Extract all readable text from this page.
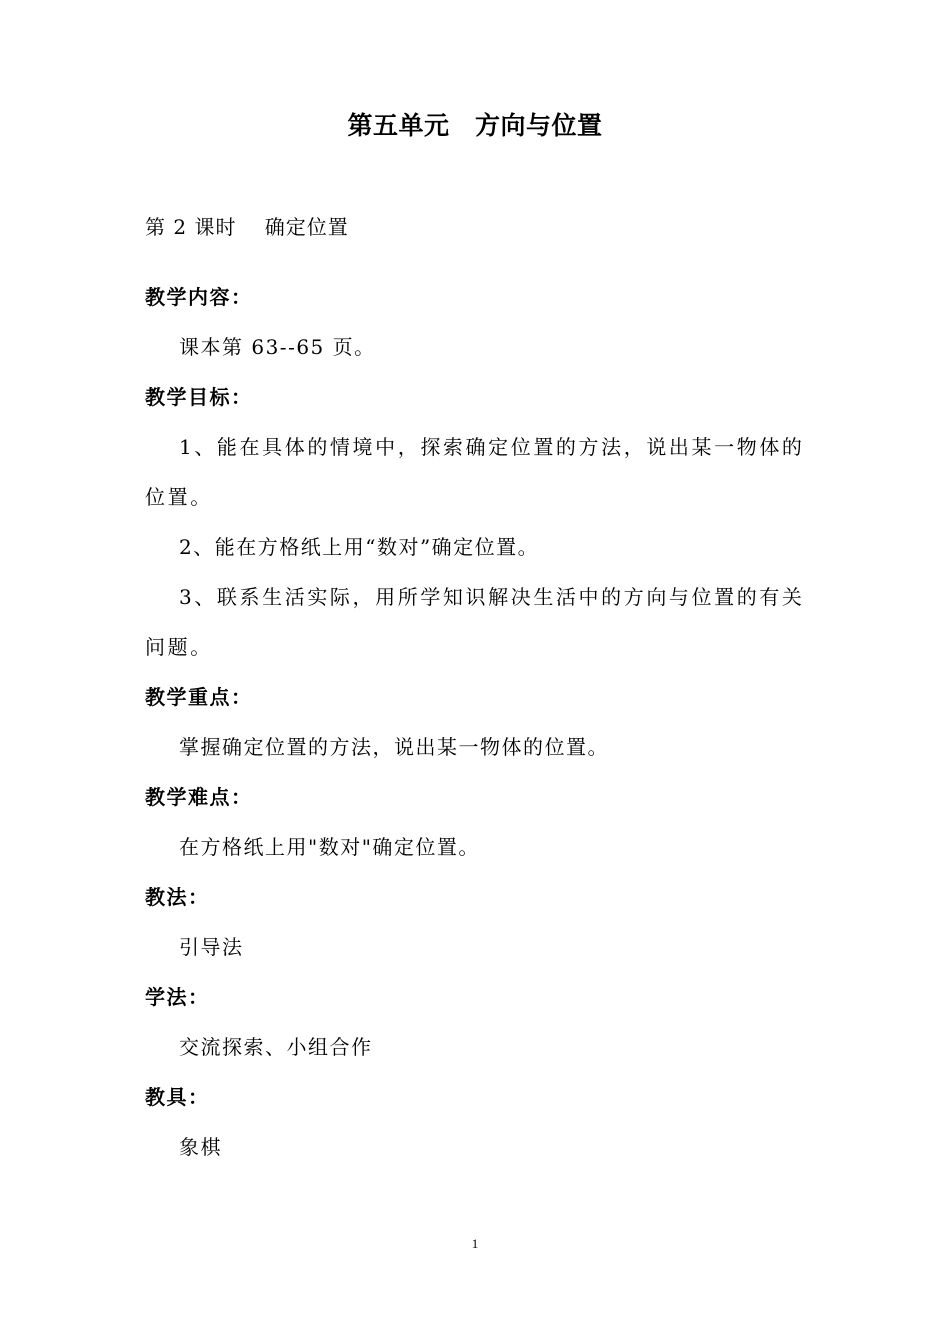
第五单元　方向与位置
第 2 课时　 确定位置
教学内容：
课本第 63--65 页。
教学目标：
1、能在具体的情境中，探索确定位置的方法，说出某一物体的位置。
2、能在方格纸上用“数对”确定位置。
3、联系生活实际，用所学知识解决生活中的方向与位置的有关问题。
教学重点：
掌握确定位置的方法，说出某一物体的位置。
教学难点：
在方格纸上用"数对"确定位置。
教法：
引导法
学法：
交流探索、小组合作
教具：
象棋
1
